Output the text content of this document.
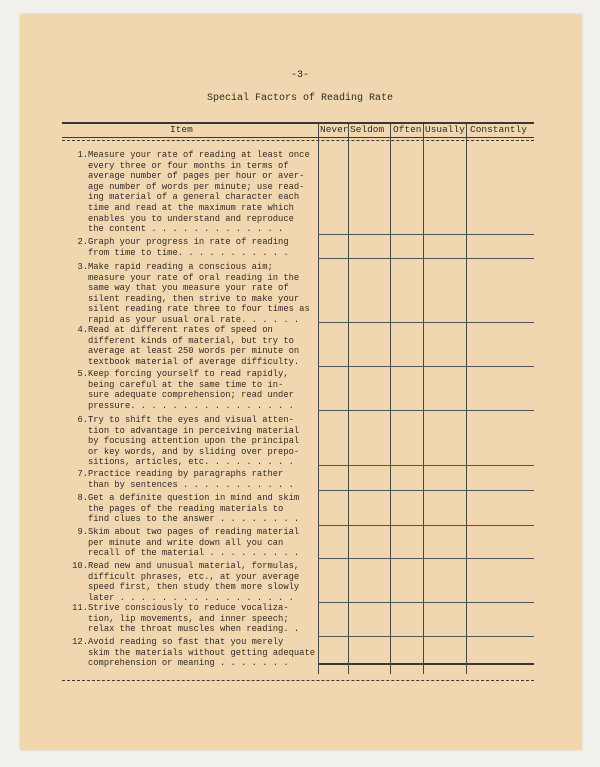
-3-
Special Factors of Reading Rate
Item	Never Seldom Often Usually Constantly
1. Measure your rate of reading at least once
every three or four months in terms of
average number of pages per hour or aver-
age number of words per minute; use read-
ing material of a general character each
time and read at the maximum rate which
enables you to understand and reproduce
the content . . . . . . . . . . . . .
2. Graph your progress in rate of reading
from time to time. . . . . . . . . . .
3. Make rapid reading a conscious aim;
measure your rate of oral reading in the
same way that you measure your rate of
silent reading, then strive to make your
silent reading rate three to four times as
rapid as your usual oral rate. . . . . .
4. Read at different rates of speed on
different kinds of material, but try to
average at least 250 words per minute on
textbook material of average difficulty.
5. Keep forcing yourself to read rapidly,
being careful at the same time to in-
sure adequate comprehension; read under
pressure. . . . . . . . . . . . . . . .
6. Try to shift the eyes and visual atten-
tion to advantage in perceiving material
by focusing attention upon the principal
or key words, and by sliding over prepo-
sitions, articles, etc. . . . . . . . .
7. Practice reading by paragraphs rather
than by sentences . . . . . . . . . . .
8. Get a definite question in mind and skim
the pages of the reading materials to
find clues to the answer . . . . . . . .
9. Skim about two pages of reading material
per minute and write down all you can
recall of the material . . . . . . . . .
10. Read new and unusual material, formulas,
difficult phrases, etc., at your average
speed first, then study them more slowly
later . . . . . . . . . . . . . . . . .
11. Strive consciously to reduce vocaliza-
tion, lip movements, and inner speech;
relax the throat muscles when reading. .
12. Avoid reading so fast that you merely
skim the materials without getting adequate
comprehension or meaning . . . . . . .
